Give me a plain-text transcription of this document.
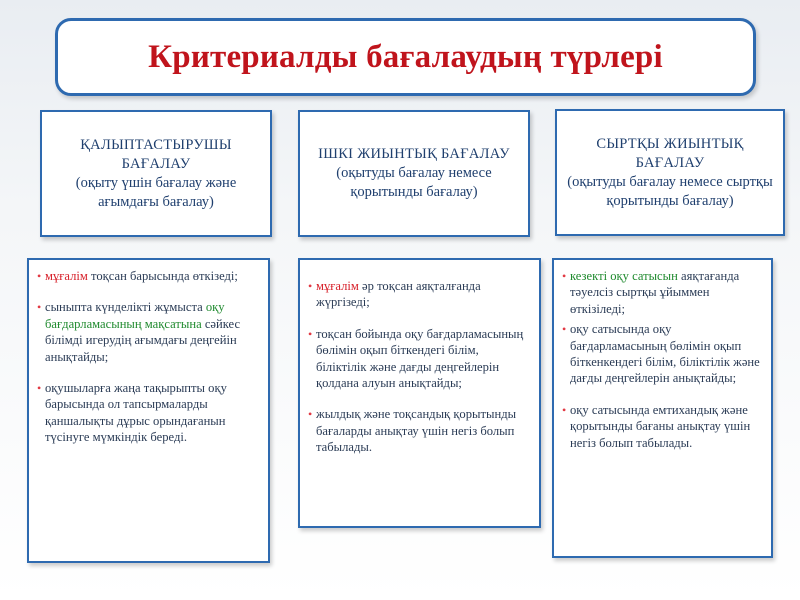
Критериалды бағалаудың түрлері
ҚАЛЫПТАСТЫРУШЫ БАҒАЛАУ
(оқыту үшін бағалау және ағымдағы бағалау)
• мұғалім тоқсан барысында өткізеді;
• сыныпта күнделікті жұмыста оқу бағдарламасының мақсатына сәйкес білімді игерудің ағымдағы деңгейін анықтайды;
• оқушыларға жаңа тақырыпты оқу барысында ол тапсырмаларды қаншалықты дұрыс орындағанын түсінуге мүмкіндік береді.
ІШКІ ЖИЫНТЫҚ БАҒАЛАУ
(оқытуды бағалау немесе қорытынды бағалау)
• мұғалім әр тоқсан аяқталғанда жүргізеді;
• тоқсан бойында оқу бағдарламасының бөлімін оқып біткендегі білім, біліктілік және дағды деңгейлерін қолдана алуын анықтайды;
• жылдық және тоқсандық қорытынды бағаларды анықтау үшін негіз болып табылады.
СЫРТҚЫ ЖИЫНТЫҚ БАҒАЛАУ
(оқытуды бағалау немесе сыртқы қорытынды бағалау)
• кезекті оқу сатысын аяқтағанда тәуелсіз сыртқы ұйыммен өткізіледі;
• оқу сатысында оқу бағдарламасының бөлімін оқып біткенкендегі білім, біліктілік және дағды деңгейлерін анықтайды;
• оқу сатысында емтихандық және қорытынды бағаны анықтау үшін негіз болып табылады.
